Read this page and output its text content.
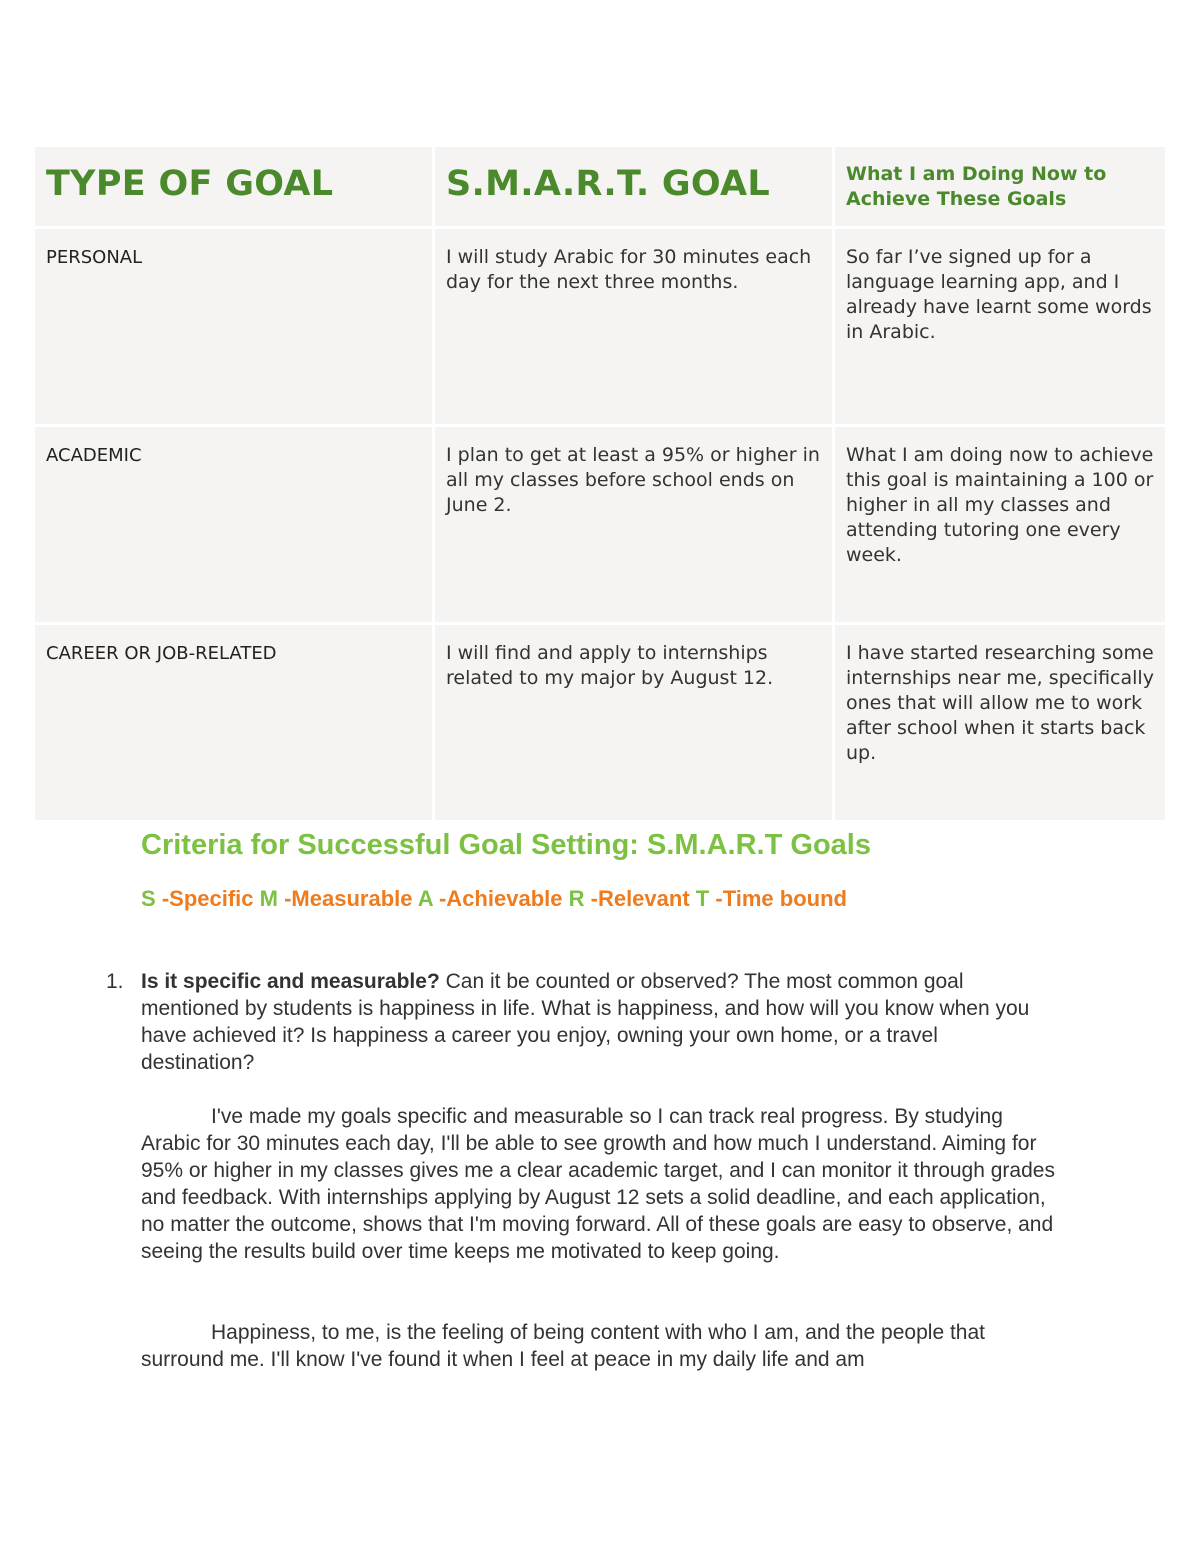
TYPE OF GOAL	S.M.A.R.T. GOAL	What I am Doing Now to Achieve These Goals

PERSONAL	I will study Arabic for 30 minutes each day for the next three months.	So far I’ve signed up for a language learning app, and I already have learnt some words in Arabic.
ACADEMIC	I plan to get at least a 95% or higher in all my classes before school ends on June 2.	What I am doing now to achieve this goal is maintaining a 100 or higher in all my classes and attending tutoring one every week.
CAREER OR JOB-RELATED	I will find and apply to internships related to my major by August 12.	I have started researching some internships near me, specifically ones that will allow me to work after school when it starts back up.
Criteria for Successful Goal Setting: S.M.A.R.T Goals
S -Specific M -Measurable A -Achievable R -Relevant T -Time bound
1. Is it specific and measurable? Can it be counted or observed? The most common goal mentioned by students is happiness in life. What is happiness, and how will you know when you have achieved it? Is happiness a career you enjoy, owning your own home, or a travel destination?

I've made my goals specific and measurable so I can track real progress. By studying Arabic for 30 minutes each day, I'll be able to see growth and how much I understand. Aiming for 95% or higher in my classes gives me a clear academic target, and I can monitor it through grades and feedback. With internships applying by August 12 sets a solid deadline, and each application, no matter the outcome, shows that I'm moving forward. All of these goals are easy to observe, and seeing the results build over time keeps me motivated to keep going.

Happiness, to me, is the feeling of being content with who I am, and the people that surround me. I'll know I've found it when I feel at peace in my daily life and am
